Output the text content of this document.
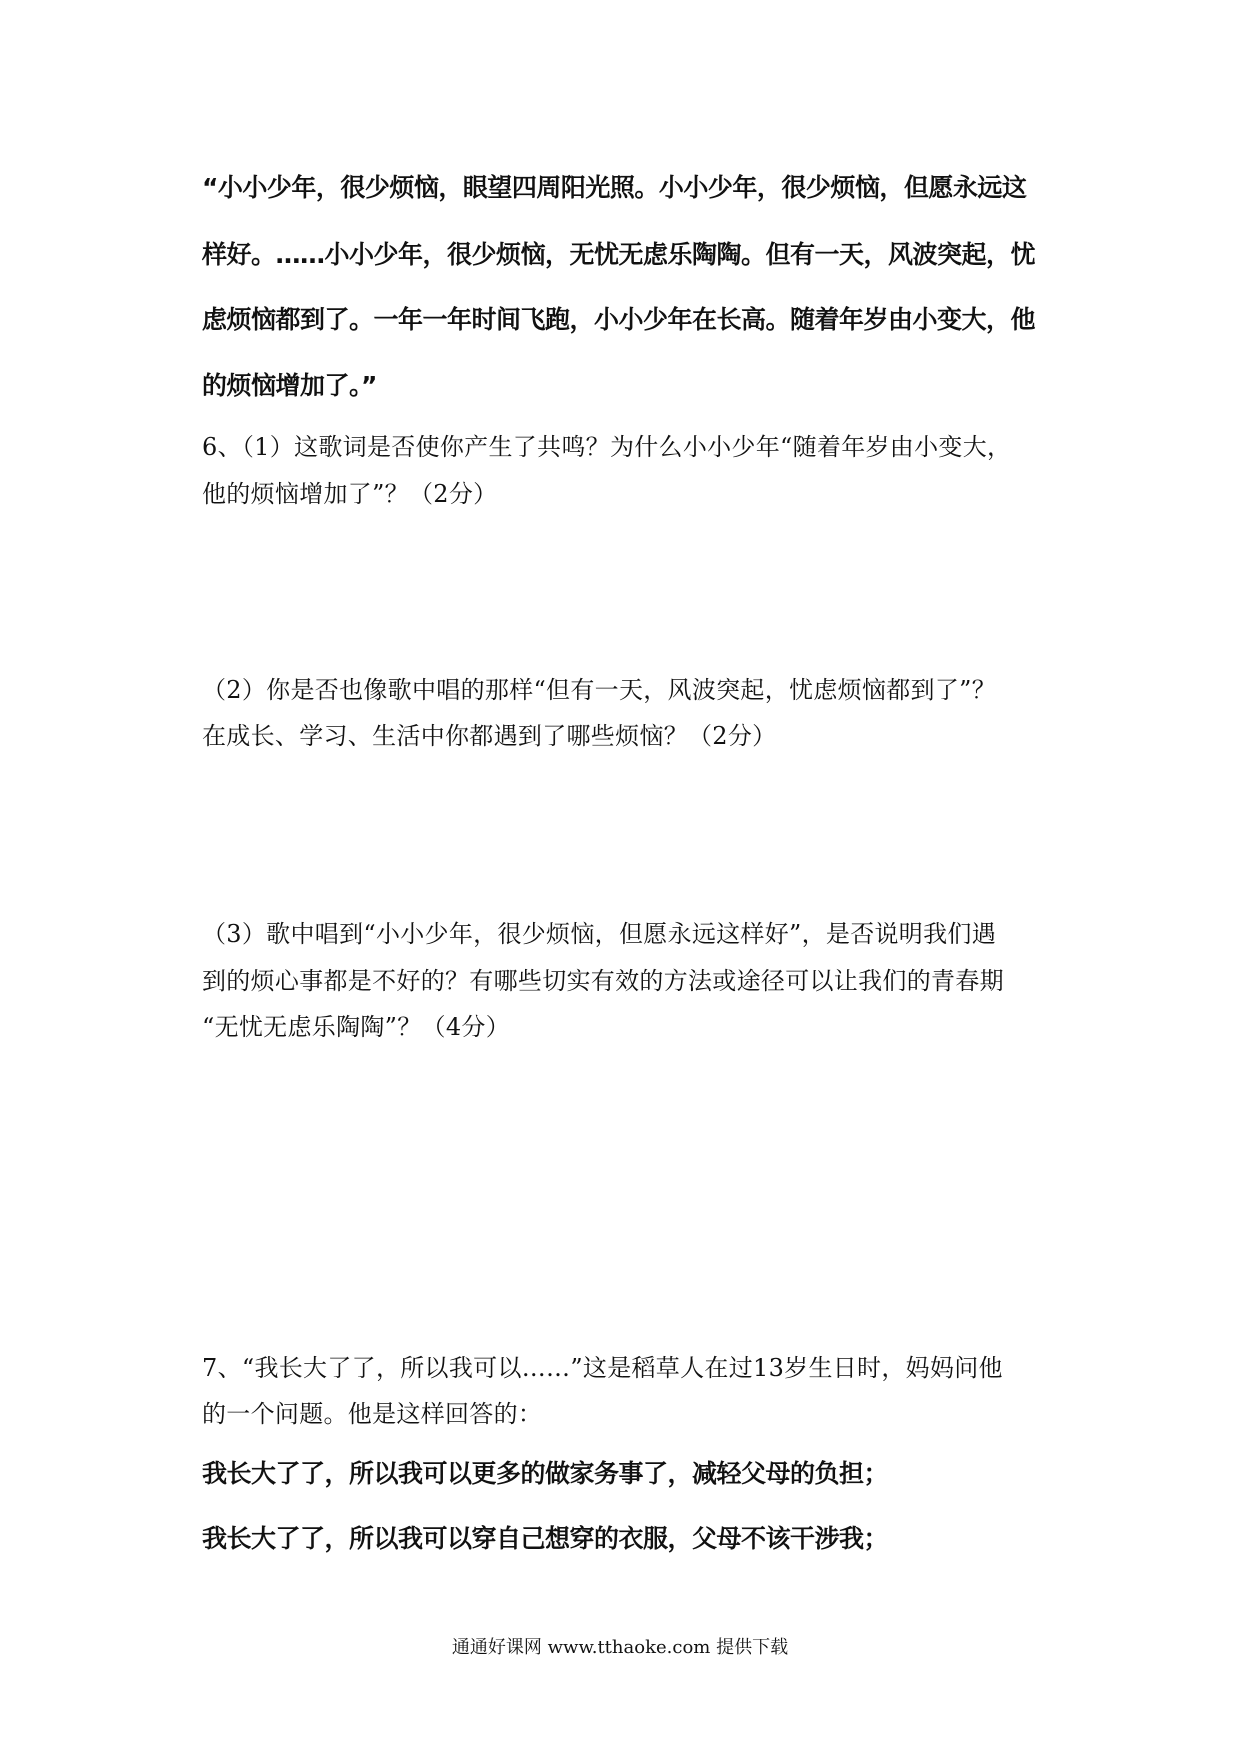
“小小少年，很少烦恼，眼望四周阳光照。小小少年，很少烦恼，但愿永远这

样好。……小小少年，很少烦恼，无忧无虑乐陶陶。但有一天，风波突起，忧

虑烦恼都到了。一年一年时间飞跑，小小少年在长高。随着年岁由小变大，他

的烦恼增加了。”

6、（1）这歌词是否使你产生了共鸣？为什么小小少年“随着年岁由小变大，

他的烦恼增加了”？（2分）

（2）你是否也像歌中唱的那样“但有一天，风波突起，忧虑烦恼都到了”？

在成长、学习、生活中你都遇到了哪些烦恼？（2分）

（3）歌中唱到“小小少年，很少烦恼，但愿永远这样好”，是否说明我们遇

到的烦心事都是不好的？有哪些切实有效的方法或途径可以让我们的青春期

“无忧无虑乐陶陶”？（4分）

7、“我长大了了，所以我可以……”这是稻草人在过13岁生日时，妈妈问他

的一个问题。他是这样回答的：

我长大了了，所以我可以更多的做家务事了，减轻父母的负担；

我长大了了，所以我可以穿自己想穿的衣服，父母不该干涉我；

通通好课网 www.tthaoke.com 提供下载
